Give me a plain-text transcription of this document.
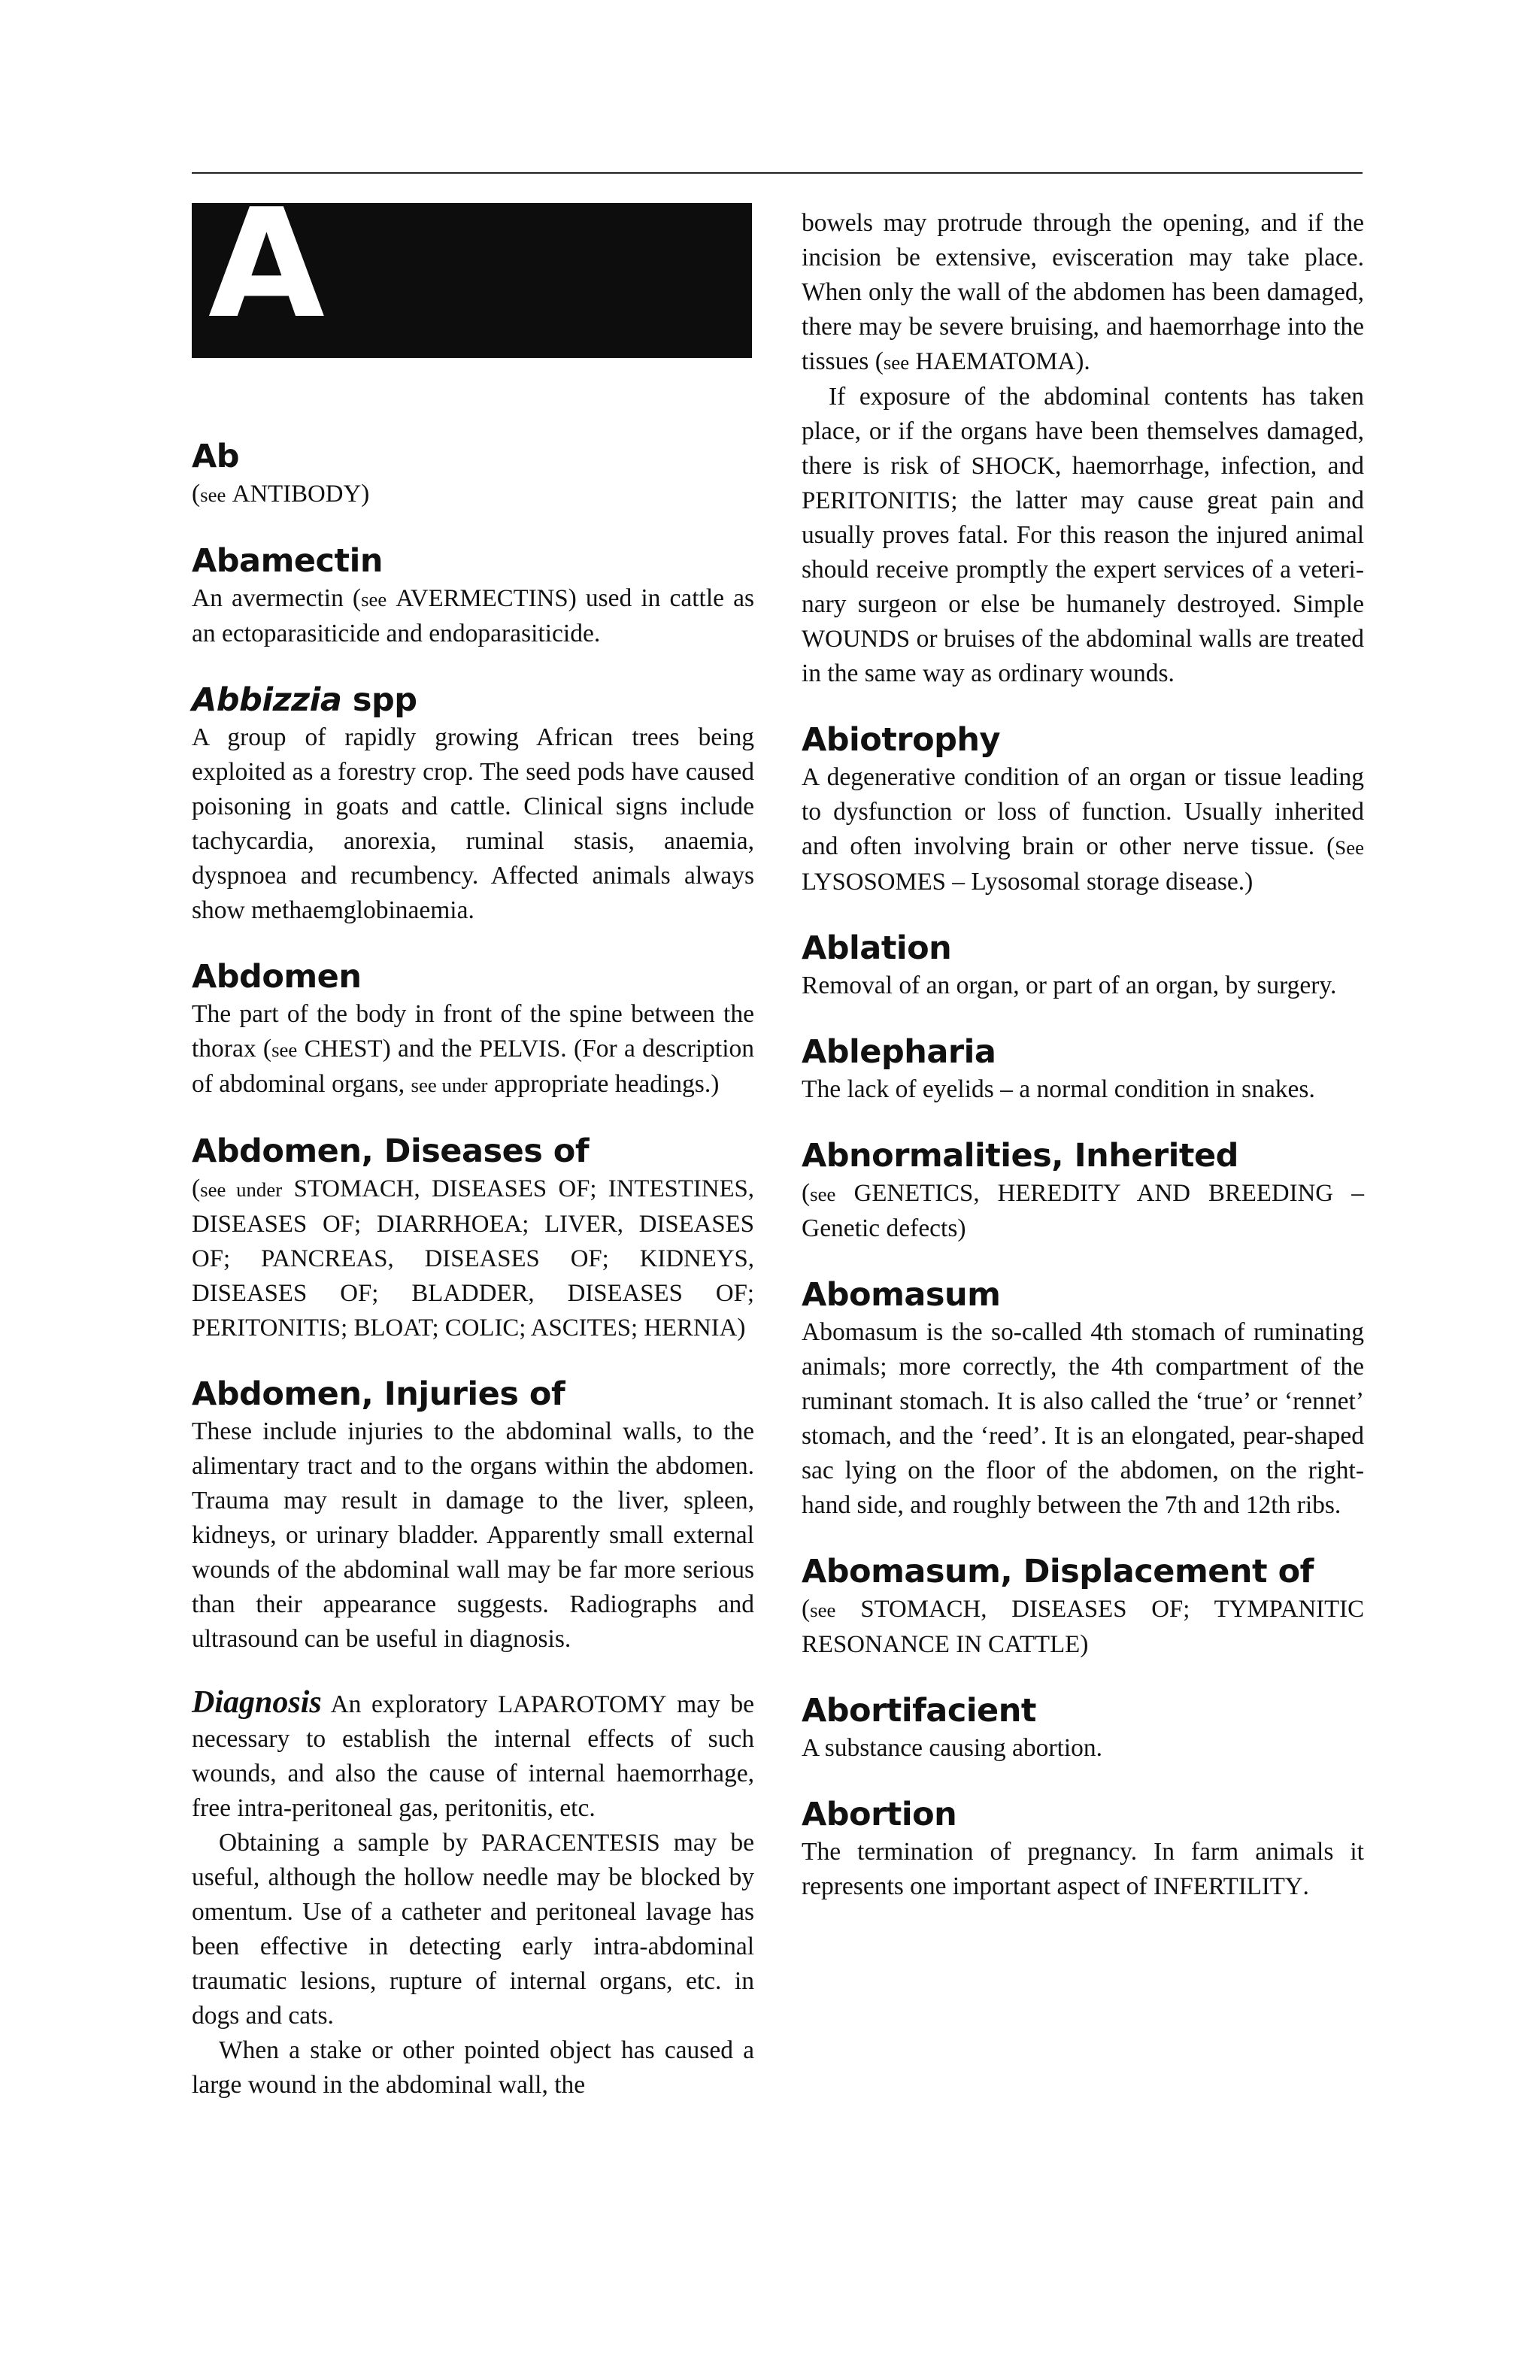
A
Ab

(see ANTIBODY)

Abamectin

An avermectin (see AVERMECTINS) used in cattle as an ectoparasiticide and endoparasiticide.

Abbizzia spp

A group of rapidly growing African trees being exploited as a forestry crop. The seed pods have caused poisoning in goats and cattle. Clinical signs include tachycardia, anorexia, ruminal stasis, anaemia, dyspnoea and recumbency. Affected animals always show methaemglobinaemia.

Abdomen

The part of the body in front of the spine between the thorax (see CHEST) and the PELVIS. (For a description of abdominal organs, see under appropriate headings.)

Abdomen, Diseases of

(see under STOMACH, DISEASES OF; INTESTINES, DISEASES OF; DIARRHOEA; LIVER, DISEASES OF; PANCREAS, DISEASES OF; KIDNEYS, DISEASES OF; BLADDER, DISEASES OF; PERITONITIS; BLOAT; COLIC; ASCITES; HERNIA)

Abdomen, Injuries of

These include injuries to the abdominal walls, to the alimentary tract and to the organs within the abdomen. Trauma may result in damage to the liver, spleen, kidneys, or urinary bladder. Apparently small external wounds of the abdominal wall may be far more serious than their appearance suggests. Radiographs and ultrasound can be useful in diagnosis.

Diagnosis An exploratory LAPAROTOMY may be necessary to establish the internal effects of such wounds, and also the cause of internal haemorrhage, free intra-peritoneal gas, peritonitis, etc.

Obtaining a sample by PARACENTESIS may be useful, although the hollow needle may be blocked by omentum. Use of a catheter and peritoneal lavage has been effective in detecting early intra-abdominal traumatic lesions, rupture of internal organs, etc. in dogs and cats.

When a stake or other pointed object has caused a large wound in the abdominal wall, the

bowels may protrude through the opening, and if the incision be extensive, evisceration may take place. When only the wall of the abdomen has been damaged, there may be severe bruising, and haemorrhage into the tissues (see HAEMATOMA).

If exposure of the abdominal contents has taken place, or if the organs have been themselves damaged, there is risk of SHOCK, haemorrhage, infection, and PERITONITIS; the latter may cause great pain and usually proves fatal. For this reason the injured animal should receive promptly the expert services of a veterinary surgeon or else be humanely destroyed. Simple WOUNDS or bruises of the abdominal walls are treated in the same way as ordinary wounds.

Abiotrophy

A degenerative condition of an organ or tissue leading to dysfunction or loss of function. Usually inherited and often involving brain or other nerve tissue. (See LYSOSOMES – Lysosomal storage disease.)

Ablation

Removal of an organ, or part of an organ, by surgery.

Ablepharia

The lack of eyelids – a normal condition in snakes.

Abnormalities, Inherited

(see GENETICS, HEREDITY AND BREEDING – Genetic defects)

Abomasum

Abomasum is the so-called 4th stomach of ruminating animals; more correctly, the 4th compartment of the ruminant stomach. It is also called the ‘true’ or ‘rennet’ stomach, and the ‘reed’. It is an elongated, pear-shaped sac lying on the floor of the abdomen, on the right-hand side, and roughly between the 7th and 12th ribs.

Abomasum, Displacement of

(see STOMACH, DISEASES OF; TYMPANITIC RESONANCE IN CATTLE)

Abortifacient

A substance causing abortion.

Abortion

The termination of pregnancy. In farm animals it represents one important aspect of INFERTILITY.
